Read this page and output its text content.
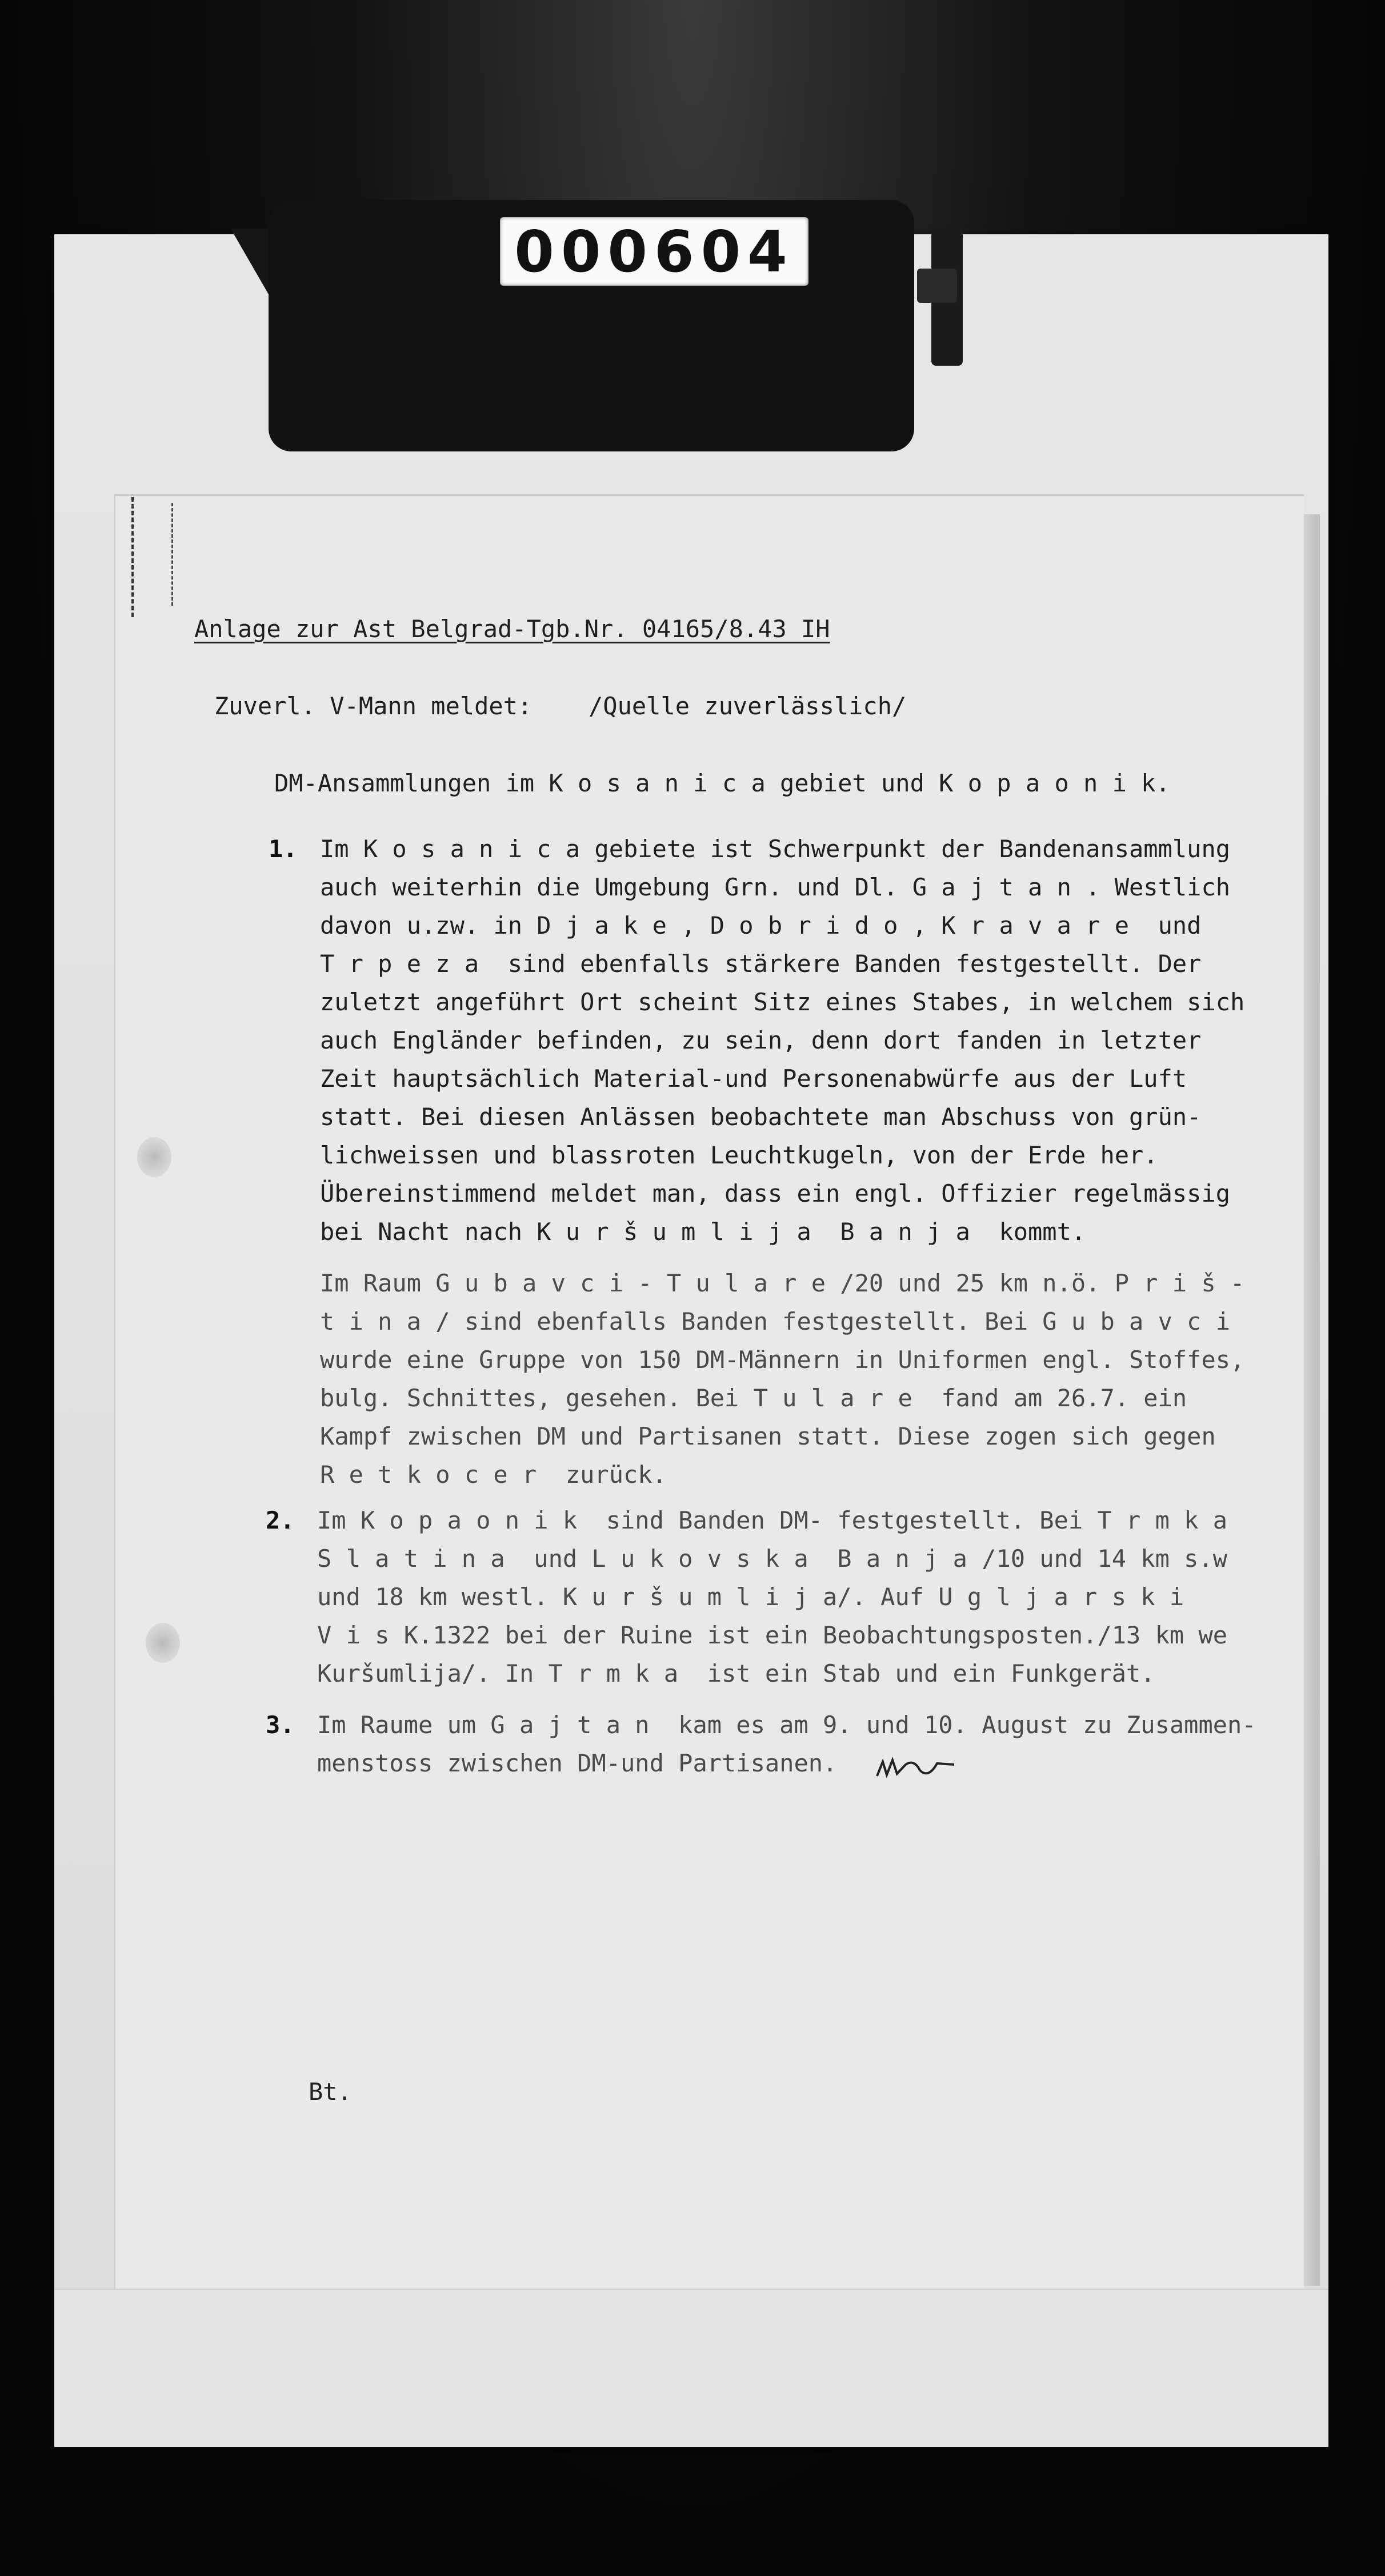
000604
Anlage zur Ast Belgrad-Tgb.Nr. 04165/8.43 IH
Zuverl. V-Mann meldet: /Quelle zuverlässlich/
DM-Ansammlungen im K o s a n i c a gebiet und K o p a o n i k.
1. Im K o s a n i c a gebiete ist Schwerpunkt der Bandenansammlung
auch weiterhin die Umgebung Grn. und Dl. G a j t a n . Westlich
davon u.zw. in D j a k e , D o b r i d o , K r a v a r e  und
T r p e z a  sind ebenfalls stärkere Banden festgestellt. Der
zuletzt angeführt Ort scheint Sitz eines Stabes, in welchem sich
auch Engländer befinden, zu sein, denn dort fanden in letzter
Zeit hauptsächlich Material-und Personenabwürfe aus der Luft
statt. Bei diesen Anlässen beobachtete man Abschuss von grün-
lichweissen und blassroten Leuchtkugeln, von der Erde her.
Übereinstimmend meldet man, dass ein engl. Offizier regelmässig
bei Nacht nach K u r š u m l i j a  B a n j a  kommt.
Im Raum G u b a v c i - T u l a r e /20 und 25 km n.ö. P r i š -
t i n a / sind ebenfalls Banden festgestellt. Bei G u b a v c i
wurde eine Gruppe von 150 DM-Männern in Uniformen engl. Stoffes,
bulg. Schnittes, gesehen. Bei T u l a r e  fand am 26.7. ein
Kampf zwischen DM und Partisanen statt. Diese zogen sich gegen
R e t k o c e r  zurück.
2. Im K o p a o n i k  sind Banden DM- festgestellt. Bei T r m k a
S l a t i n a  und L u k o v s k a  B a n j a /10 und 14 km s.w
und 18 km westl. K u r š u m l i j a/. Auf U g l j a r s k i
V i s K.1322 bei der Ruine ist ein Beobachtungsposten./13 km we
Kuršumlija/. In T r m k a  ist ein Stab und ein Funkgerät.
3. Im Raume um G a j t a n  kam es am 9. und 10. August zu Zusammen-
menstoss zwischen DM-und Partisanen.
Bt.
